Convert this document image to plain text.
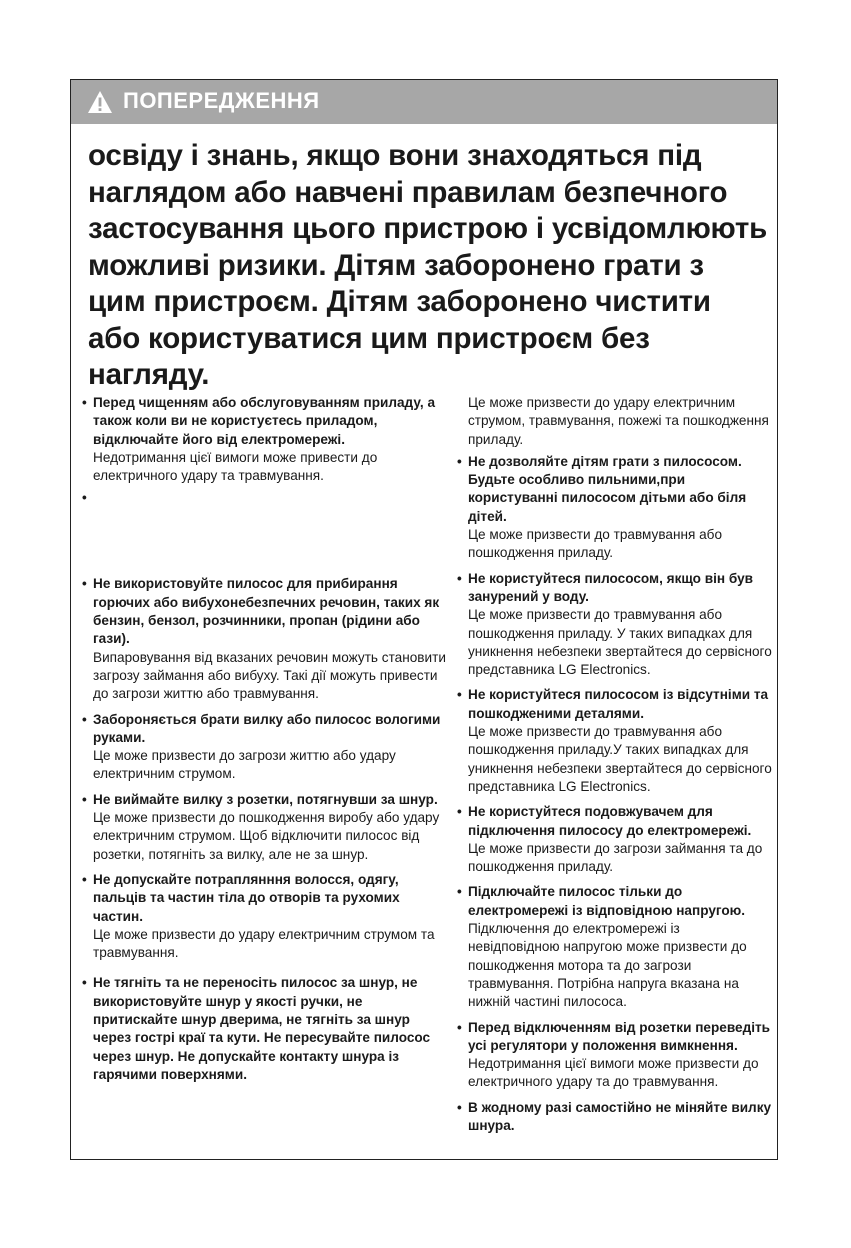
ПОПЕРЕДЖЕННЯ
освіду і знань, якщо вони знаходяться під наглядом або навчені правилам безпечного застосування цього пристрою і усвідомлюють можливі ризики. Дітям заборонено грати з цим пристроєм. Дітям заборонено чистити або користуватися цим пристроєм без нагляду.
• Перед чищенням або обслуговуванням приладу, а також коли ви не користуєтесь приладом, відключайте його від електромережі.
Недотримання цієї вимоги може привести до електричного удару та травмування.
•
• Не використовуйте пилосос для прибирання горючих або вибухонебезпечних речовин, таких як бензин, бензол, розчинники, пропан (рідини або гази).
Випаровування від вказаних речовин можуть становити загрозу займання або вибуху. Такі дії можуть привести до загрози життю або травмування.
• Забороняється брати вилку або пилосос вологими руками.
Це може призвести до загрози життю або удару електричним струмом.
• Не виймайте вилку з розетки, потягнувши за шнур.
Це може призвести до пошкодження виробу або удару електричним струмом. Щоб відключити пилосос від розетки, потягніть за вилку, але не за шнур.
• Не допускайте потраплянння волосся, одягу, пальців та частин тіла до отворів та рухомих частин.
Це може призвести до удару електричним струмом та травмування.
• Не тягніть та не переносіть пилосос за шнур, не використовуйте шнур у якості ручки, не притискайте шнур дверима, не тягніть за шнур через гострі краї та кути. Не пересувайте пилосос через шнур. Не допускайте контакту шнура із гарячими поверхнями.
Це може призвести до удару електричним струмом, травмування, пожежі та пошкодження приладу.
• Не дозволяйте дітям грати з пилососом. Будьте особливо пильними,при користуванні пилососом дітьми або біля дітей.
Це може призвести до травмування або пошкодження приладу.
• Не користуйтеся пилососом, якщо він був занурений у воду.
Це може призвести до травмування або пошкодження приладу. У таких випадках для уникнення небезпеки звертайтеся до сервісного представника LG Electronics.
• Не користуйтеся пилососом із відсутніми та пошкодженими деталями.
Це може призвести до травмування або пошкодження приладу.У таких випадках для уникнення небезпеки звертайтеся до сервісного представника LG Electronics.
• Не користуйтеся подовжувачем для підключення пилососу до електромережі.
Це може призвести до загрози займання та до пошкодження приладу.
• Підключайте пилосос тільки до електромережі із відповідною напругою.
Підключення до електромережі із невідповідною напругою може призвести до пошкодження мотора та до загрози травмування. Потрібна напруга вказана на нижній частині пилососа.
• Перед відключенням від розетки переведіть усі регулятори у положення вимкнення.
Недотримання цієї вимоги може призвести до електричного удару та до травмування.
• В жодному разі самостійно не міняйте вилку шнура.
